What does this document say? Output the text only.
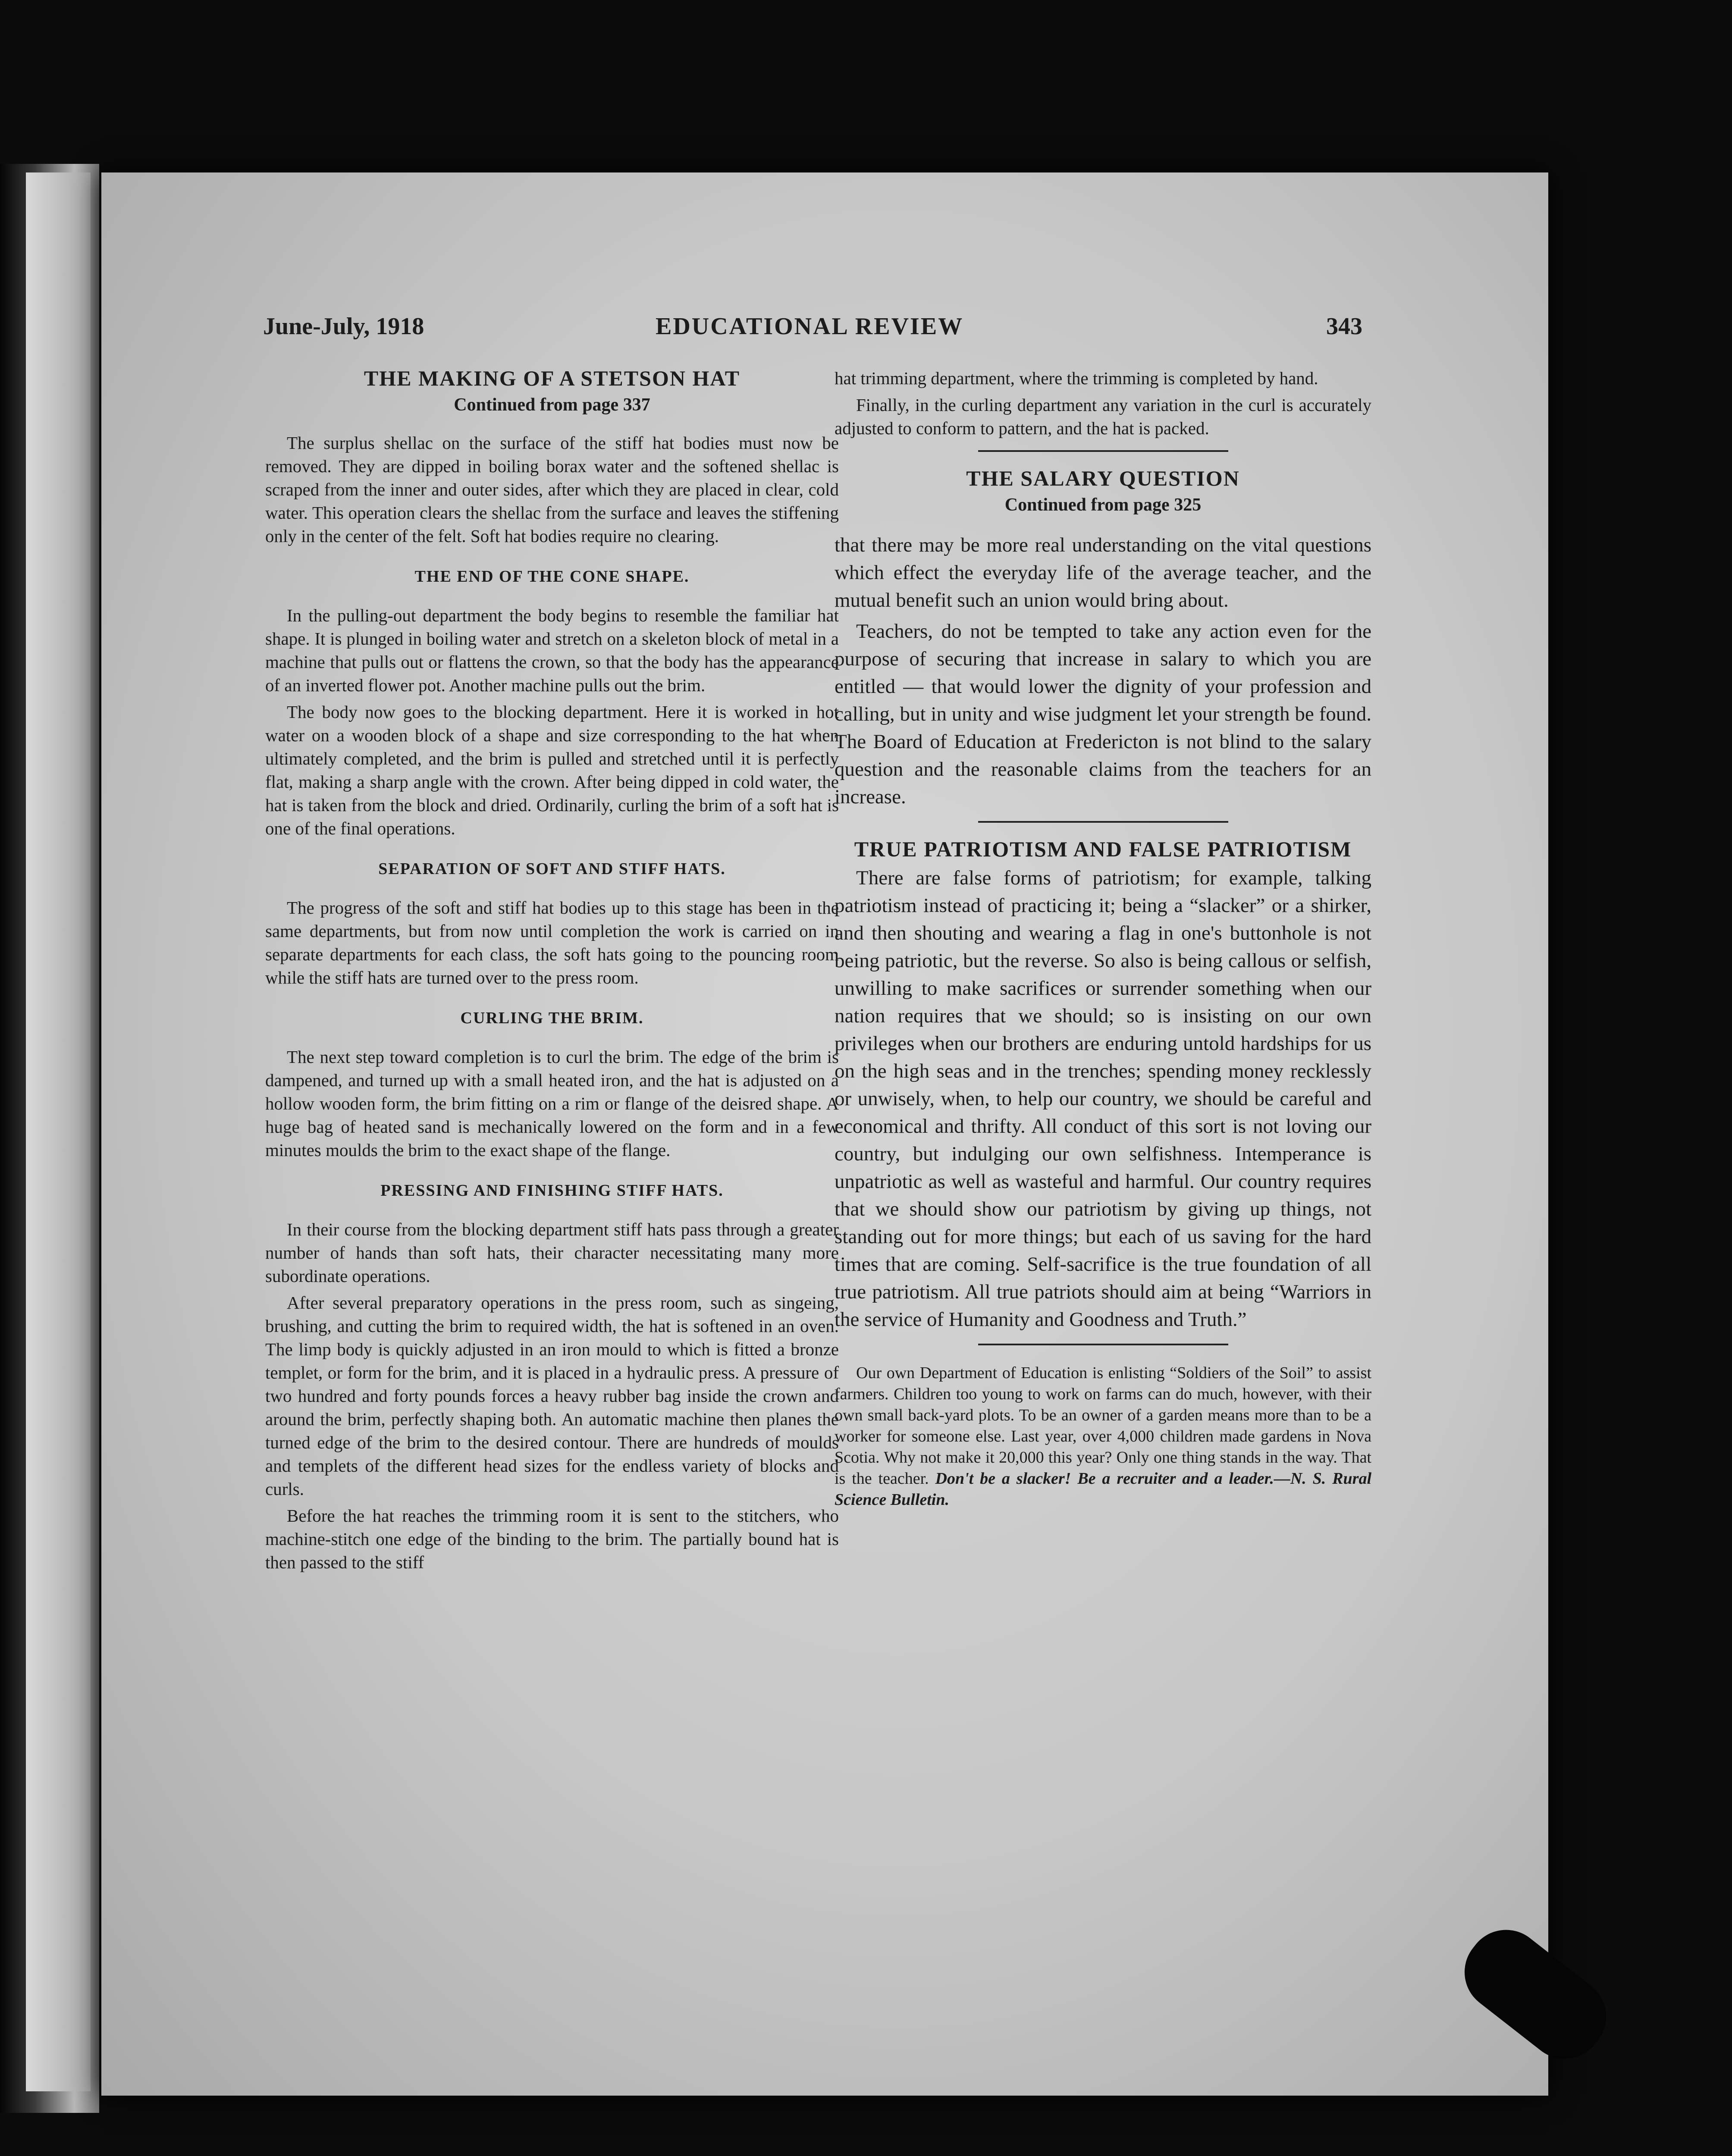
June-July, 1918	EDUCATIONAL REVIEW	343
THE MAKING OF A STETSON HAT
Continued from page 337

The surplus shellac on the surface of the stiff hat bodies must now be removed. They are dipped in boiling borax water and the softened shellac is scraped from the inner and outer sides, after which they are placed in clear, cold water. This operation clears the shellac from the surface and leaves the stiffening only in the center of the felt. Soft hat bodies require no clearing.

THE END OF THE CONE SHAPE.

In the pulling-out department the body begins to resemble the familiar hat shape. It is plunged in boiling water and stretch on a skeleton block of metal in a machine that pulls out or flattens the crown, so that the body has the appearance of an inverted flower pot. Another machine pulls out the brim.

The body now goes to the blocking department. Here it is worked in hot water on a wooden block of a shape and size corresponding to the hat when ultimately completed, and the brim is pulled and stretched until it is perfectly flat, making a sharp angle with the crown. After being dipped in cold water, the hat is taken from the block and dried. Ordinarily, curling the brim of a soft hat is one of the final operations.

SEPARATION OF SOFT AND STIFF HATS.

The progress of the soft and stiff hat bodies up to this stage has been in the same departments, but from now until completion the work is carried on in separate departments for each class, the soft hats going to the pouncing room while the stiff hats are turned over to the press room.

CURLING THE BRIM.

The next step toward completion is to curl the brim. The edge of the brim is dampened, and turned up with a small heated iron, and the hat is adjusted on a hollow wooden form, the brim fitting on a rim or flange of the deisred shape. A huge bag of heated sand is mechanically lowered on the form and in a few minutes moulds the brim to the exact shape of the flange.

PRESSING AND FINISHING STIFF HATS.

In their course from the blocking department stiff hats pass through a greater number of hands than soft hats, their character necessitating many more subordinate operations.

After several preparatory operations in the press room, such as singeing, brushing, and cutting the brim to required width, the hat is softened in an oven. The limp body is quickly adjusted in an iron mould to which is fitted a bronze templet, or form for the brim, and it is placed in a hydraulic press. A pressure of two hundred and forty pounds forces a heavy rubber bag inside the crown and around the brim, perfectly shaping both. An automatic machine then planes the turned edge of the brim to the desired contour. There are hundreds of moulds and templets of the different head sizes for the endless variety of blocks and curls.

Before the hat reaches the trimming room it is sent to the stitchers, who machine-stitch one edge of the binding to the brim. The partially bound hat is then passed to the stiff

hat trimming department, where the trimming is completed by hand.

Finally, in the curling department any variation in the curl is accurately adjusted to conform to pattern, and the hat is packed.

THE SALARY QUESTION
Continued from page 325

that there may be more real understanding on the vital questions which effect the everyday life of the average teacher, and the mutual benefit such an union would bring about.

Teachers, do not be tempted to take any action even for the purpose of securing that increase in salary to which you are entitled — that would lower the dignity of your profession and calling, but in unity and wise judgment let your strength be found. The Board of Education at Fredericton is not blind to the salary question and the reasonable claims from the teachers for an increase.

TRUE PATRIOTISM AND FALSE PATRIOTISM

There are false forms of patriotism; for example, talking patriotism instead of practicing it; being a “slacker” or a shirker, and then shouting and wearing a flag in one's buttonhole is not being patriotic, but the reverse. So also is being callous or selfish, unwilling to make sacrifices or surrender something when our nation requires that we should; so is insisting on our own privileges when our brothers are enduring untold hardships for us on the high seas and in the trenches; spending money recklessly or unwisely, when, to help our country, we should be careful and economical and thrifty. All conduct of this sort is not loving our country, but indulging our own selfishness. Intemperance is unpatriotic as well as wasteful and harmful. Our country requires that we should show our patriotism by giving up things, not standing out for more things; but each of us saving for the hard times that are coming. Self-sacrifice is the true foundation of all true patriotism. All true patriots should aim at being “Warriors in the service of Humanity and Goodness and Truth.”

Our own Department of Education is enlisting “Soldiers of the Soil” to assist farmers. Children too young to work on farms can do much, however, with their own small back-yard plots. To be an owner of a garden means more than to be a worker for someone else. Last year, over 4,000 children made gardens in Nova Scotia. Why not make it 20,000 this year? Only one thing stands in the way. That is the teacher. Don't be a slacker! Be a recruiter and a leader.—N. S. Rural Science Bulletin.
